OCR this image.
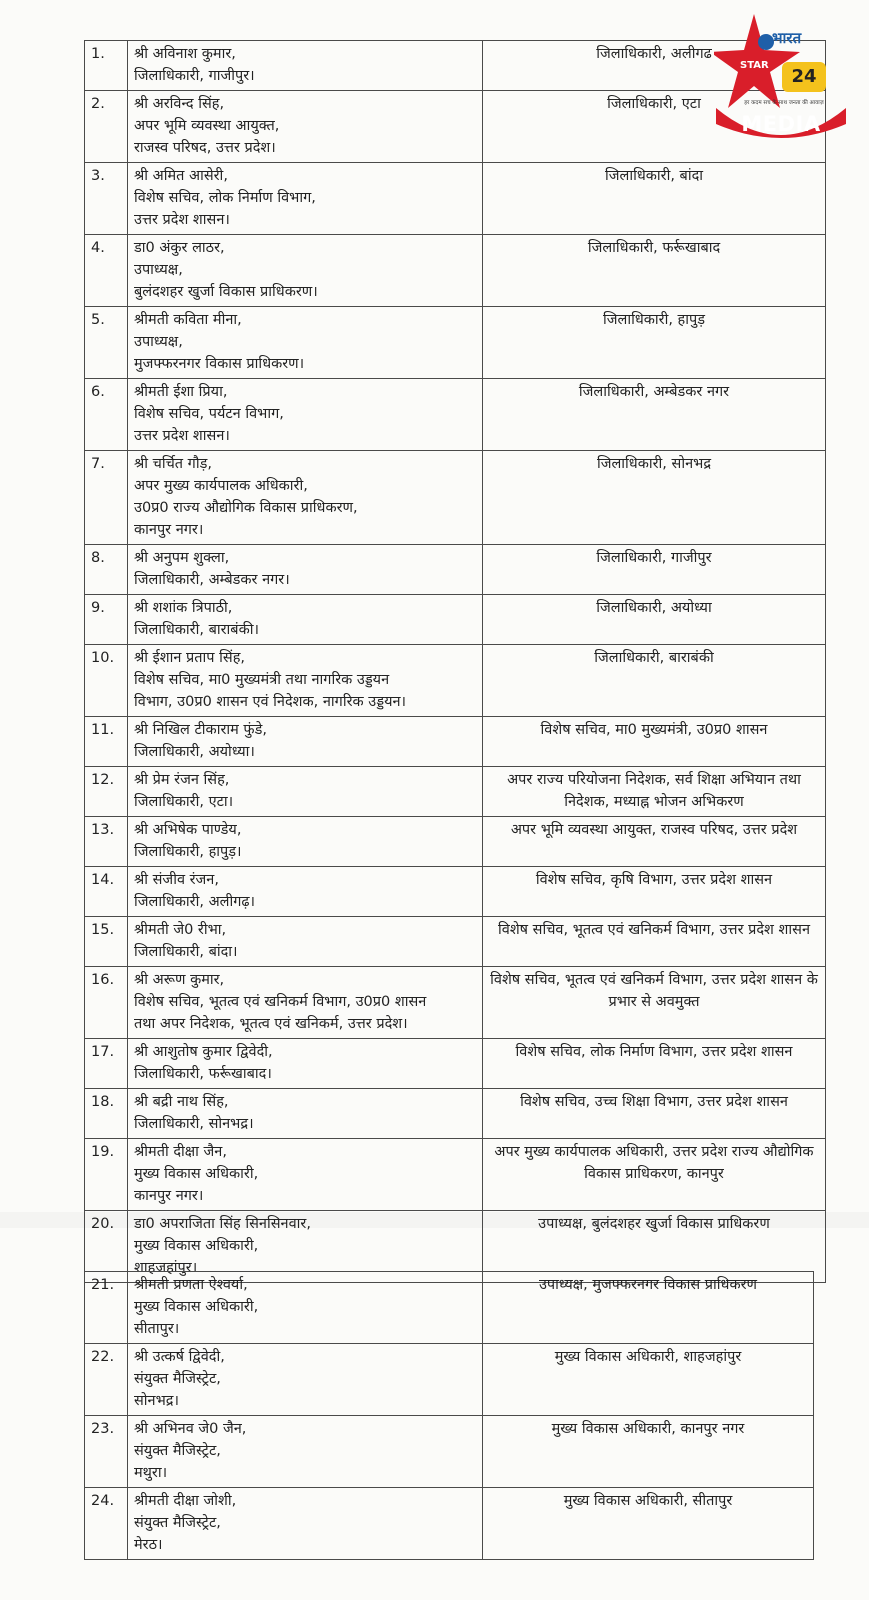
1.	श्री अविनाश कुमार,
जिलाधिकारी, गाजीपुर।	जिलाधिकारी, अलीगढ
2.	श्री अरविन्द सिंह,
अपर भूमि व्यवस्था आयुक्त,
राजस्व परिषद, उत्तर प्रदेश।	जिलाधिकारी, एटा
3.	श्री अमित आसेरी,
विशेष सचिव, लोक निर्माण विभाग,
उत्तर प्रदेश शासन।	जिलाधिकारी, बांदा
4.	डा0 अंकुर लाठर,
उपाध्यक्ष,
बुलंदशहर खुर्जा विकास प्राधिकरण।	जिलाधिकारी, फर्रूखाबाद
5.	श्रीमती कविता मीना,
उपाध्यक्ष,
मुजफ्फरनगर विकास प्राधिकरण।	जिलाधिकारी, हापुड़
6.	श्रीमती ईशा प्रिया,
विशेष सचिव, पर्यटन विभाग,
उत्तर प्रदेश शासन।	जिलाधिकारी, अम्बेडकर नगर
7.	श्री चर्चित गौड़,
अपर मुख्य कार्यपालक अधिकारी,
उ0प्र0 राज्य औद्योगिक विकास प्राधिकरण,
कानपुर नगर।	जिलाधिकारी, सोनभद्र
8.	श्री अनुपम शुक्ला,
जिलाधिकारी, अम्बेडकर नगर।	जिलाधिकारी, गाजीपुर
9.	श्री शशांक त्रिपाठी,
जिलाधिकारी, बाराबंकी।	जिलाधिकारी, अयोध्या
10.	श्री ईशान प्रताप सिंह,
विशेष सचिव, मा0 मुख्यमंत्री तथा नागरिक उड्डयन
विभाग, उ0प्र0 शासन एवं निदेशक, नागरिक उड्डयन।	जिलाधिकारी, बाराबंकी
11.	श्री निखिल टीकाराम फुंडे,
जिलाधिकारी, अयोध्या।	विशेष सचिव, मा0 मुख्यमंत्री, उ0प्र0 शासन
12.	श्री प्रेम रंजन सिंह,
जिलाधिकारी, एटा।	अपर राज्य परियोजना निदेशक, सर्व शिक्षा अभियान तथा निदेशक, मध्याह्न भोजन अभिकरण
13.	श्री अभिषेक पाण्डेय,
जिलाधिकारी, हापुड़।	अपर भूमि व्यवस्था आयुक्त, राजस्व परिषद, उत्तर प्रदेश
14.	श्री संजीव रंजन,
जिलाधिकारी, अलीगढ़।	विशेष सचिव, कृषि विभाग, उत्तर प्रदेश शासन
15.	श्रीमती जे0 रीभा,
जिलाधिकारी, बांदा।	विशेष सचिव, भूतत्व एवं खनिकर्म विभाग, उत्तर प्रदेश शासन
16.	श्री अरूण कुमार,
विशेष सचिव, भूतत्व एवं खनिकर्म विभाग, उ0प्र0 शासन
तथा अपर निदेशक, भूतत्व एवं खनिकर्म, उत्तर प्रदेश।	विशेष सचिव, भूतत्व एवं खनिकर्म विभाग, उत्तर प्रदेश शासन के प्रभार से अवमुक्त
17.	श्री आशुतोष कुमार द्विवेदी,
जिलाधिकारी, फर्रूखाबाद।	विशेष सचिव, लोक निर्माण विभाग, उत्तर प्रदेश शासन
18.	श्री बद्री नाथ सिंह,
जिलाधिकारी, सोनभद्र।	विशेष सचिव, उच्च शिक्षा विभाग, उत्तर प्रदेश शासन
19.	श्रीमती दीक्षा जैन,
मुख्य विकास अधिकारी,
कानपुर नगर।	अपर मुख्य कार्यपालक अधिकारी, उत्तर प्रदेश राज्य औद्योगिक विकास प्राधिकरण, कानपुर
20.	डा0 अपराजिता सिंह सिनसिनवार,
मुख्य विकास अधिकारी,
शाहजहांपुर।	उपाध्यक्ष, बुलंदशहर खुर्जा विकास प्राधिकरण
21.	श्रीमती प्रणता ऐश्वर्या,
मुख्य विकास अधिकारी,
सीतापुर।	उपाध्यक्ष, मुजफ्फरनगर विकास प्राधिकरण
22.	श्री उत्कर्ष द्विवेदी,
संयुक्त मैजिस्ट्रेट,
सोनभद्र।	मुख्य विकास अधिकारी, शाहजहांपुर
23.	श्री अभिनव जे0 जैन,
संयुक्त मैजिस्ट्रेट,
मथुरा।	मुख्य विकास अधिकारी, कानपुर नगर
24.	श्रीमती दीक्षा जोशी,
संयुक्त मैजिस्ट्रेट,
मेरठ।	मुख्य विकास अधिकारी, सीतापुर
भारत
STAR
24
हर कदम सच के साथ जनता की आवाज़
MEDIA
